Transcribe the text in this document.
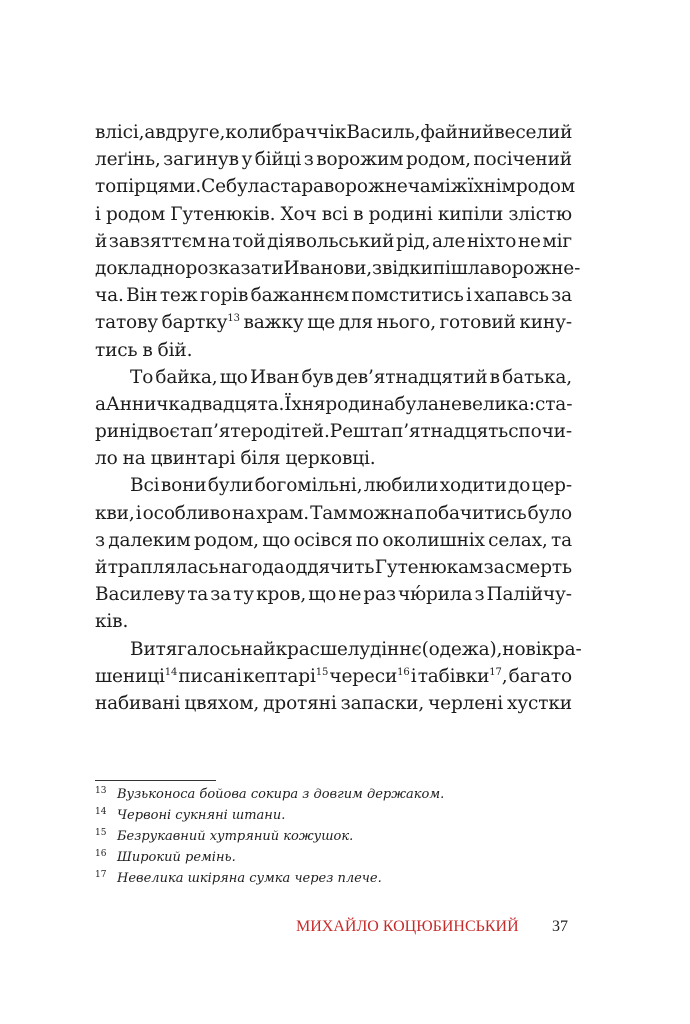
в лісі, а вдруге, коли браччік Василь, файний веселий
леґінь, загинув у бійці з ворожим родом, посічений
топірцями. Се була стара ворожнеча між їхнім родом
і родом Гутенюків. Хоч всі в родині кипіли злістю
й завзяттєм на той діявольський рід, але ніхто не міг
докладно розказати Иванови, звідки пішла ворожне-
ча. Він теж горів бажаннєм помститись і хапавсь за
татову бартку$^{13}$ важку ще для нього, готовий кину-
тись в бій.
То байка, що Иван був дев’ятнадцятий в батька,
а Анничка двадцята. Їхня родина була невелика: ста-
рині двоє та п’ятеро дітей. Решта п’ятнадцять спочи-
ло на цвинтарі біля церковці.
Всі вони були богомільні, любили ходити до цер-
кви, і особливо на храм. Там можна побачитись було
з далеким родом, що осівся по околишніх селах, та
й траплялась нагода оддячить Гутенюкам за смерть
Василеву та за ту кров, що не раз чю́рила з Палійчу-
ків.
Витягалось найкрасше лудіннє (одежа), нові кра-
шениці$^{14}$ писані кептарі$^{15}$ череси$^{16}$ і табівки$^{17}$, багато
набивані цвяхом, дротяні запаски, черлені хустки
13 Вузьконоса бойова сокира з довгим держаком.
14 Червоні сукняні штани.
15 Безрукавний хутряний кожушок.
16 Широкий ремінь.
17 Невелика шкіряна сумка через плече.
МИХАЙЛО КОЦЮБИНСЬКИЙ 37
